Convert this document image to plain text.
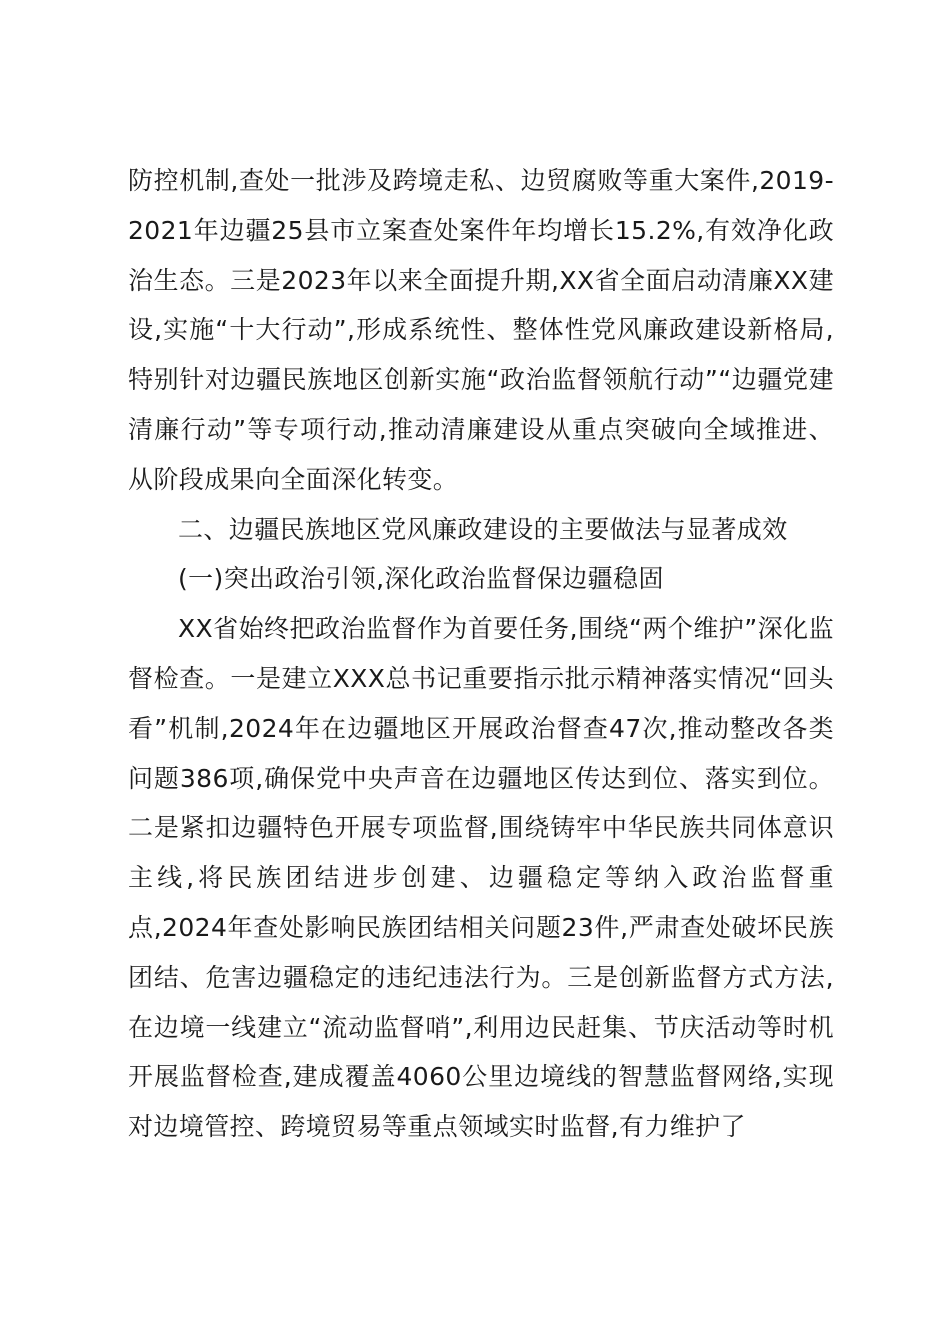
防控机制,查处一批涉及跨境走私、边贸腐败等重大案件,2019-2021年边疆25县市立案查处案件年均增长15.2%,有效净化政治生态。三是2023年以来全面提升期,XX省全面启动清廉XX建设,实施“十大行动”,形成系统性、整体性党风廉政建设新格局,特别针对边疆民族地区创新实施“政治监督领航行动”“边疆党建清廉行动”等专项行动,推动清廉建设从重点突破向全域推进、从阶段成果向全面深化转变。

二、边疆民族地区党风廉政建设的主要做法与显著成效

(一)突出政治引领,深化政治监督保边疆稳固

XX省始终把政治监督作为首要任务,围绕“两个维护”深化监督检查。一是建立XXX总书记重要指示批示精神落实情况“回头看”机制,2024年在边疆地区开展政治督查47次,推动整改各类问题386项,确保党中央声音在边疆地区传达到位、落实到位。二是紧扣边疆特色开展专项监督,围绕铸牢中华民族共同体意识主线,将民族团结进步创建、边疆稳定等纳入政治监督重点,2024年查处影响民族团结相关问题23件,严肃查处破坏民族团结、危害边疆稳定的违纪违法行为。三是创新监督方式方法,在边境一线建立“流动监督哨”,利用边民赶集、节庆活动等时机开展监督检查,建成覆盖4060公里边境线的智慧监督网络,实现对边境管控、跨境贸易等重点领域实时监督,有力维护了
